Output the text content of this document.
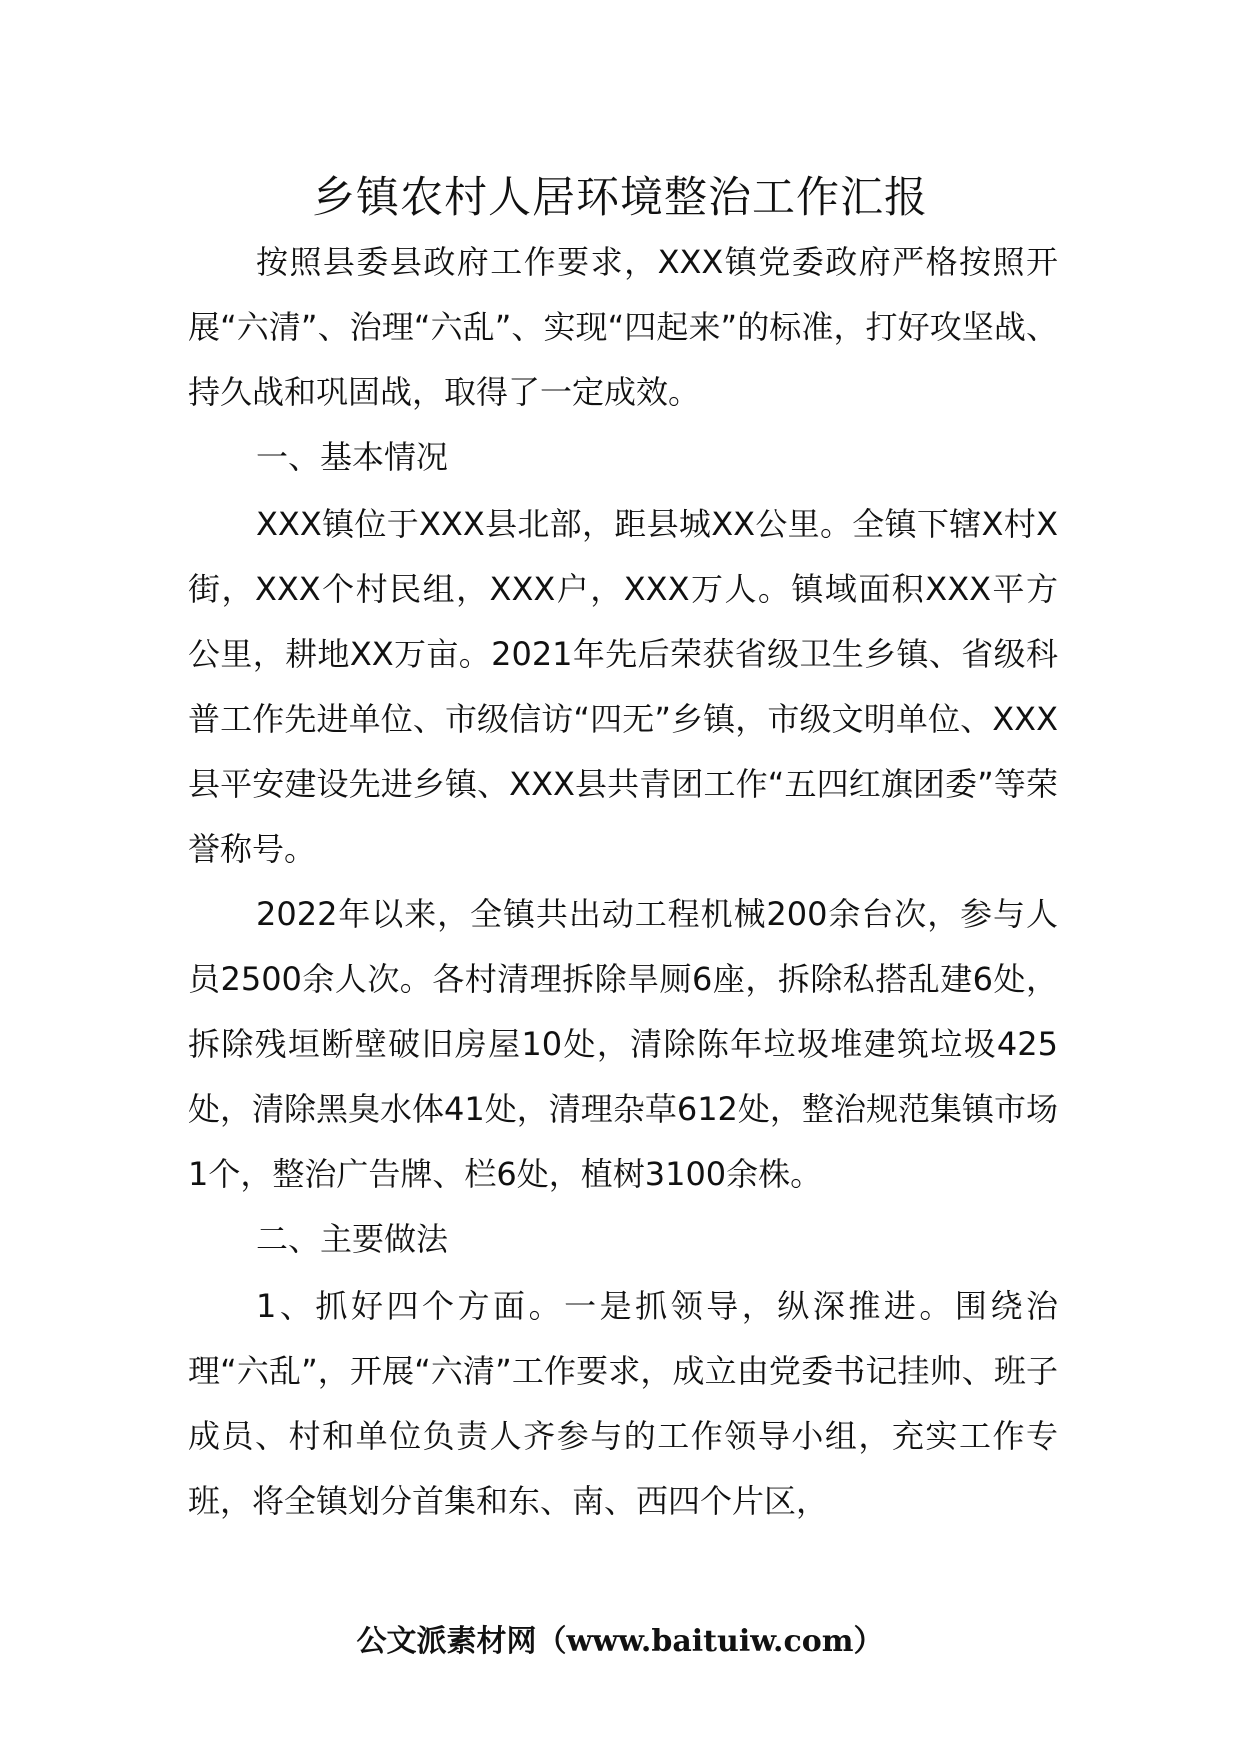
乡镇农村人居环境整治工作汇报

按照县委县政府工作要求，XXX镇党委政府严格按照开展“六清”、治理“六乱”、实现“四起来”的标准，打好攻坚战、持久战和巩固战，取得了一定成效。

一、基本情况

XXX镇位于XXX县北部，距县城XX公里。全镇下辖X村X街，XXX个村民组，XXX户，XXX万人。镇域面积XXX平方公里，耕地XX万亩。2021年先后荣获省级卫生乡镇、省级科普工作先进单位、市级信访“四无”乡镇，市级文明单位、XXX县平安建设先进乡镇、XXX县共青团工作“五四红旗团委”等荣誉称号。

2022年以来，全镇共出动工程机械200余台次，参与人员2500余人次。各村清理拆除旱厕6座，拆除私搭乱建6处，拆除残垣断壁破旧房屋10处，清除陈年垃圾堆建筑垃圾425处，清除黑臭水体41处，清理杂草612处，整治规范集镇市场1个，整治广告牌、栏6处，植树3100余株。

二、主要做法

1、抓好四个方面。一是抓领导，纵深推进。围绕治理“六乱”，开展“六清”工作要求，成立由党委书记挂帅、班子成员、村和单位负责人齐参与的工作领导小组，充实工作专班，将全镇划分首集和东、南、西四个片区，

公文派素材网（www.baituiw.com）
